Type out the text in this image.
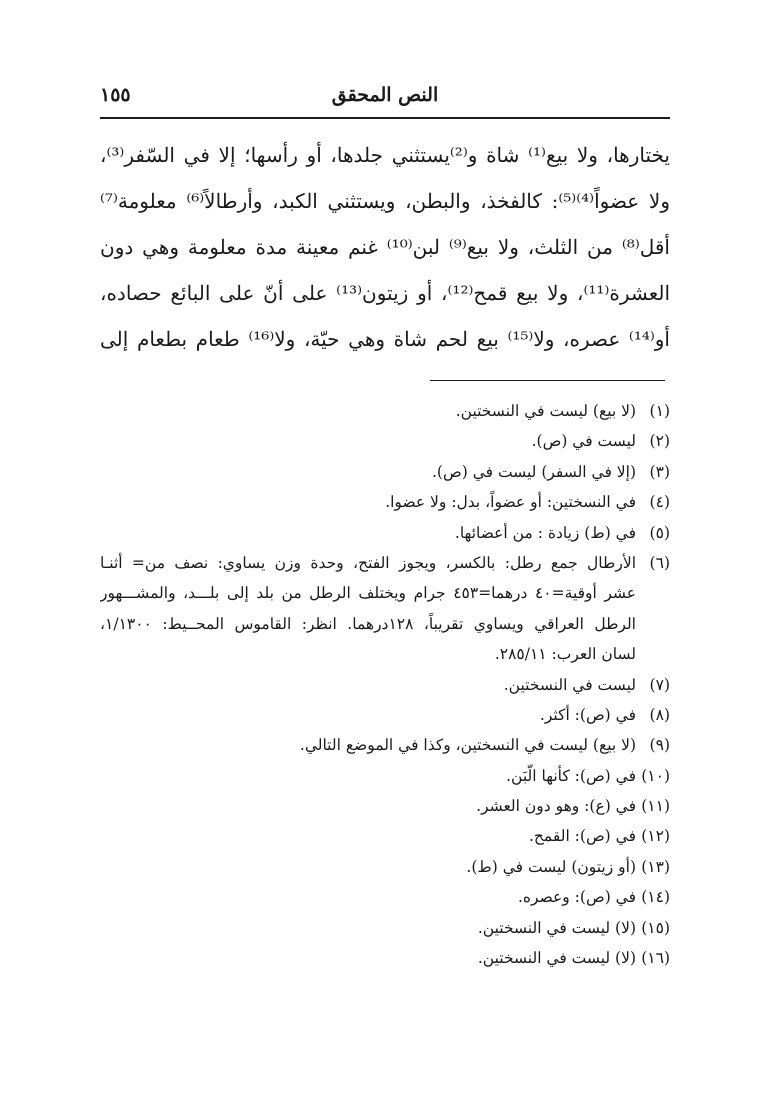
النص المحقق
١٥٥
يختارها، ولا بيع⁽¹⁾ شاة و⁽²⁾يستثني جلدها، أو رأسها؛ إلا في السّفر⁽³⁾،
ولا عضواً⁽⁴⁾⁽⁵⁾: كالفخذ، والبطن، ويستثني الكبد، وأرطالاً⁽⁶⁾ معلومة⁽⁷⁾
أقل⁽⁸⁾ من الثلث، ولا بيع⁽⁹⁾ لبن⁽¹⁰⁾ غنم معينة مدة معلومة وهي دون
العشرة⁽¹¹⁾، ولا بيع قمح⁽¹²⁾، أو زيتون⁽¹³⁾ على أنّ على البائع حصاده،
أو⁽¹⁴⁾ عصره، ولا⁽¹⁵⁾ بيع لحم شاة وهي حيّة، ولا⁽¹⁶⁾ طعام بطعام إلى
(١)(لا بيع) ليست في النسختين.
(٢)ليست في (ص).
(٣)(إلا في السفر) ليست في (ص).
(٤)في النسختين: أو عضواً، بدل: ولا عضوا.
(٥)في (ط) زيادة : من أعضائها.
(٦)الأرطال جمع رطل: بالكسر، ويجوز الفتح، وحدة وزن يساوي: نصف من= أثنـا
عشر أوقية=٤٠ درهما=٤٥٣ جرام ويختلف الرطل من بلد إلى بلـــد، والمشـــهور
الرطل العراقي ويساوي تقريباً، ١٢٨درهما. انظر: القاموس المحــيط: ١/١٣٠٠،
لسان العرب: ٢٨٥/١١.
(٧)ليست في النسختين.
(٨)في (ص): أكثر.
(٩)(لا بيع) ليست في النسختين، وكذا في الموضع التالي.
(١٠)في (ص): كأنها الّبَن.
(١١)في (ع): وهو دون العشر.
(١٢)في (ص): القمح.
(١٣)(أو زيتون) ليست في (ط).
(١٤)في (ص): وعصره.
(١٥)(لا) ليست في النسختين.
(١٦)(لا) ليست في النسختين.
